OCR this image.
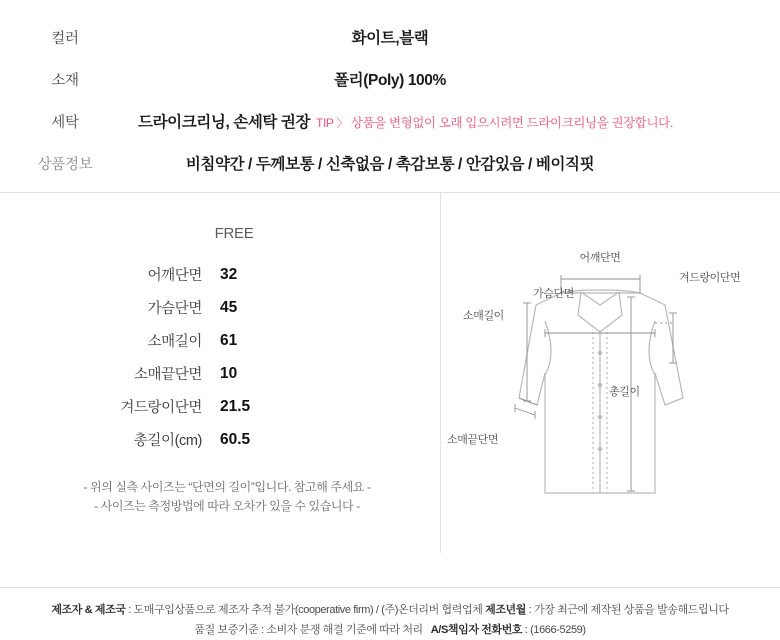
컬러	화이트,블랙
소재	폴리(Poly) 100%
세탁	드라이크리닝, 손세탁 권장 TIP 〉 상품을 변형없이 오래 입으시려면 드라이크리닝을 권장합니다.
상품정보	비침약간 / 두께보통 / 신축없음 / 촉감보통 / 안감있음 / 베이직핏
FREE
어깨단면	32
가슴단면	45
소매길이	61
소매끝단면	10
겨드랑이단면	21.5
총길이(cm)	60.5
- 위의 실측 사이즈는 “단면의 길이”입니다. 참고해 주세요 -
- 사이즈는 측정방법에 따라 오차가 있을 수 있습니다 -
어깨단면
가슴단면
겨드랑이단면
소매길이
총길이
소매끝단면
제조자 & 제조국 : 도매구입상품으로 제조자 추적 불가(cooperative firm) / (주)온더리버 협력업체 제조년월 : 가장 최근에 제작된 상품을 발송해드립니다
품질 보증기준 : 소비자 분쟁 해결 기준에 따라 처리 A/S책임자 전화번호 : (1666-5259)
